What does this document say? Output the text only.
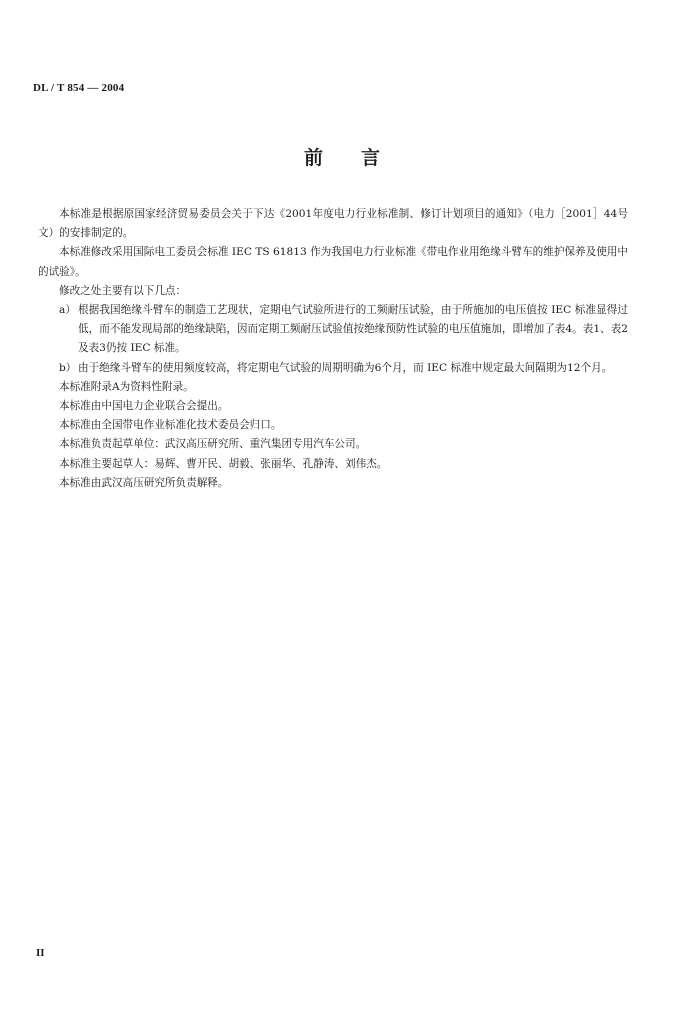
DL / T 854 — 2004
前言

本标准是根据原国家经济贸易委员会关于下达《2001年度电力行业标准制、修订计划项目的通知》（电力［2001］44号文）的安排制定的。

本标准修改采用国际电工委员会标准 IEC TS 61813 作为我国电力行业标准《带电作业用绝缘斗臂车的维护保养及使用中的试验》。

修改之处主要有以下几点：

a） 根据我国绝缘斗臂车的制造工艺现状，定期电气试验所进行的工频耐压试验，由于所施加的电压值按 IEC 标准显得过低，而不能发现局部的绝缘缺陷，因而定期工频耐压试验值按绝缘预防性试验的电压值施加，即增加了表4。表1、表2及表3仍按 IEC 标准。
b） 由于绝缘斗臂车的使用频度较高，将定期电气试验的周期明确为6个月，而 IEC 标准中规定最大间隔期为12个月。

本标准附录A为资料性附录。

本标准由中国电力企业联合会提出。

本标准由全国带电作业标准化技术委员会归口。

本标准负责起草单位：武汉高压研究所、重汽集团专用汽车公司。

本标准主要起草人：易辉、曹开民、胡毅、张丽华、孔静涛、刘伟杰。

本标准由武汉高压研究所负责解释。

II
